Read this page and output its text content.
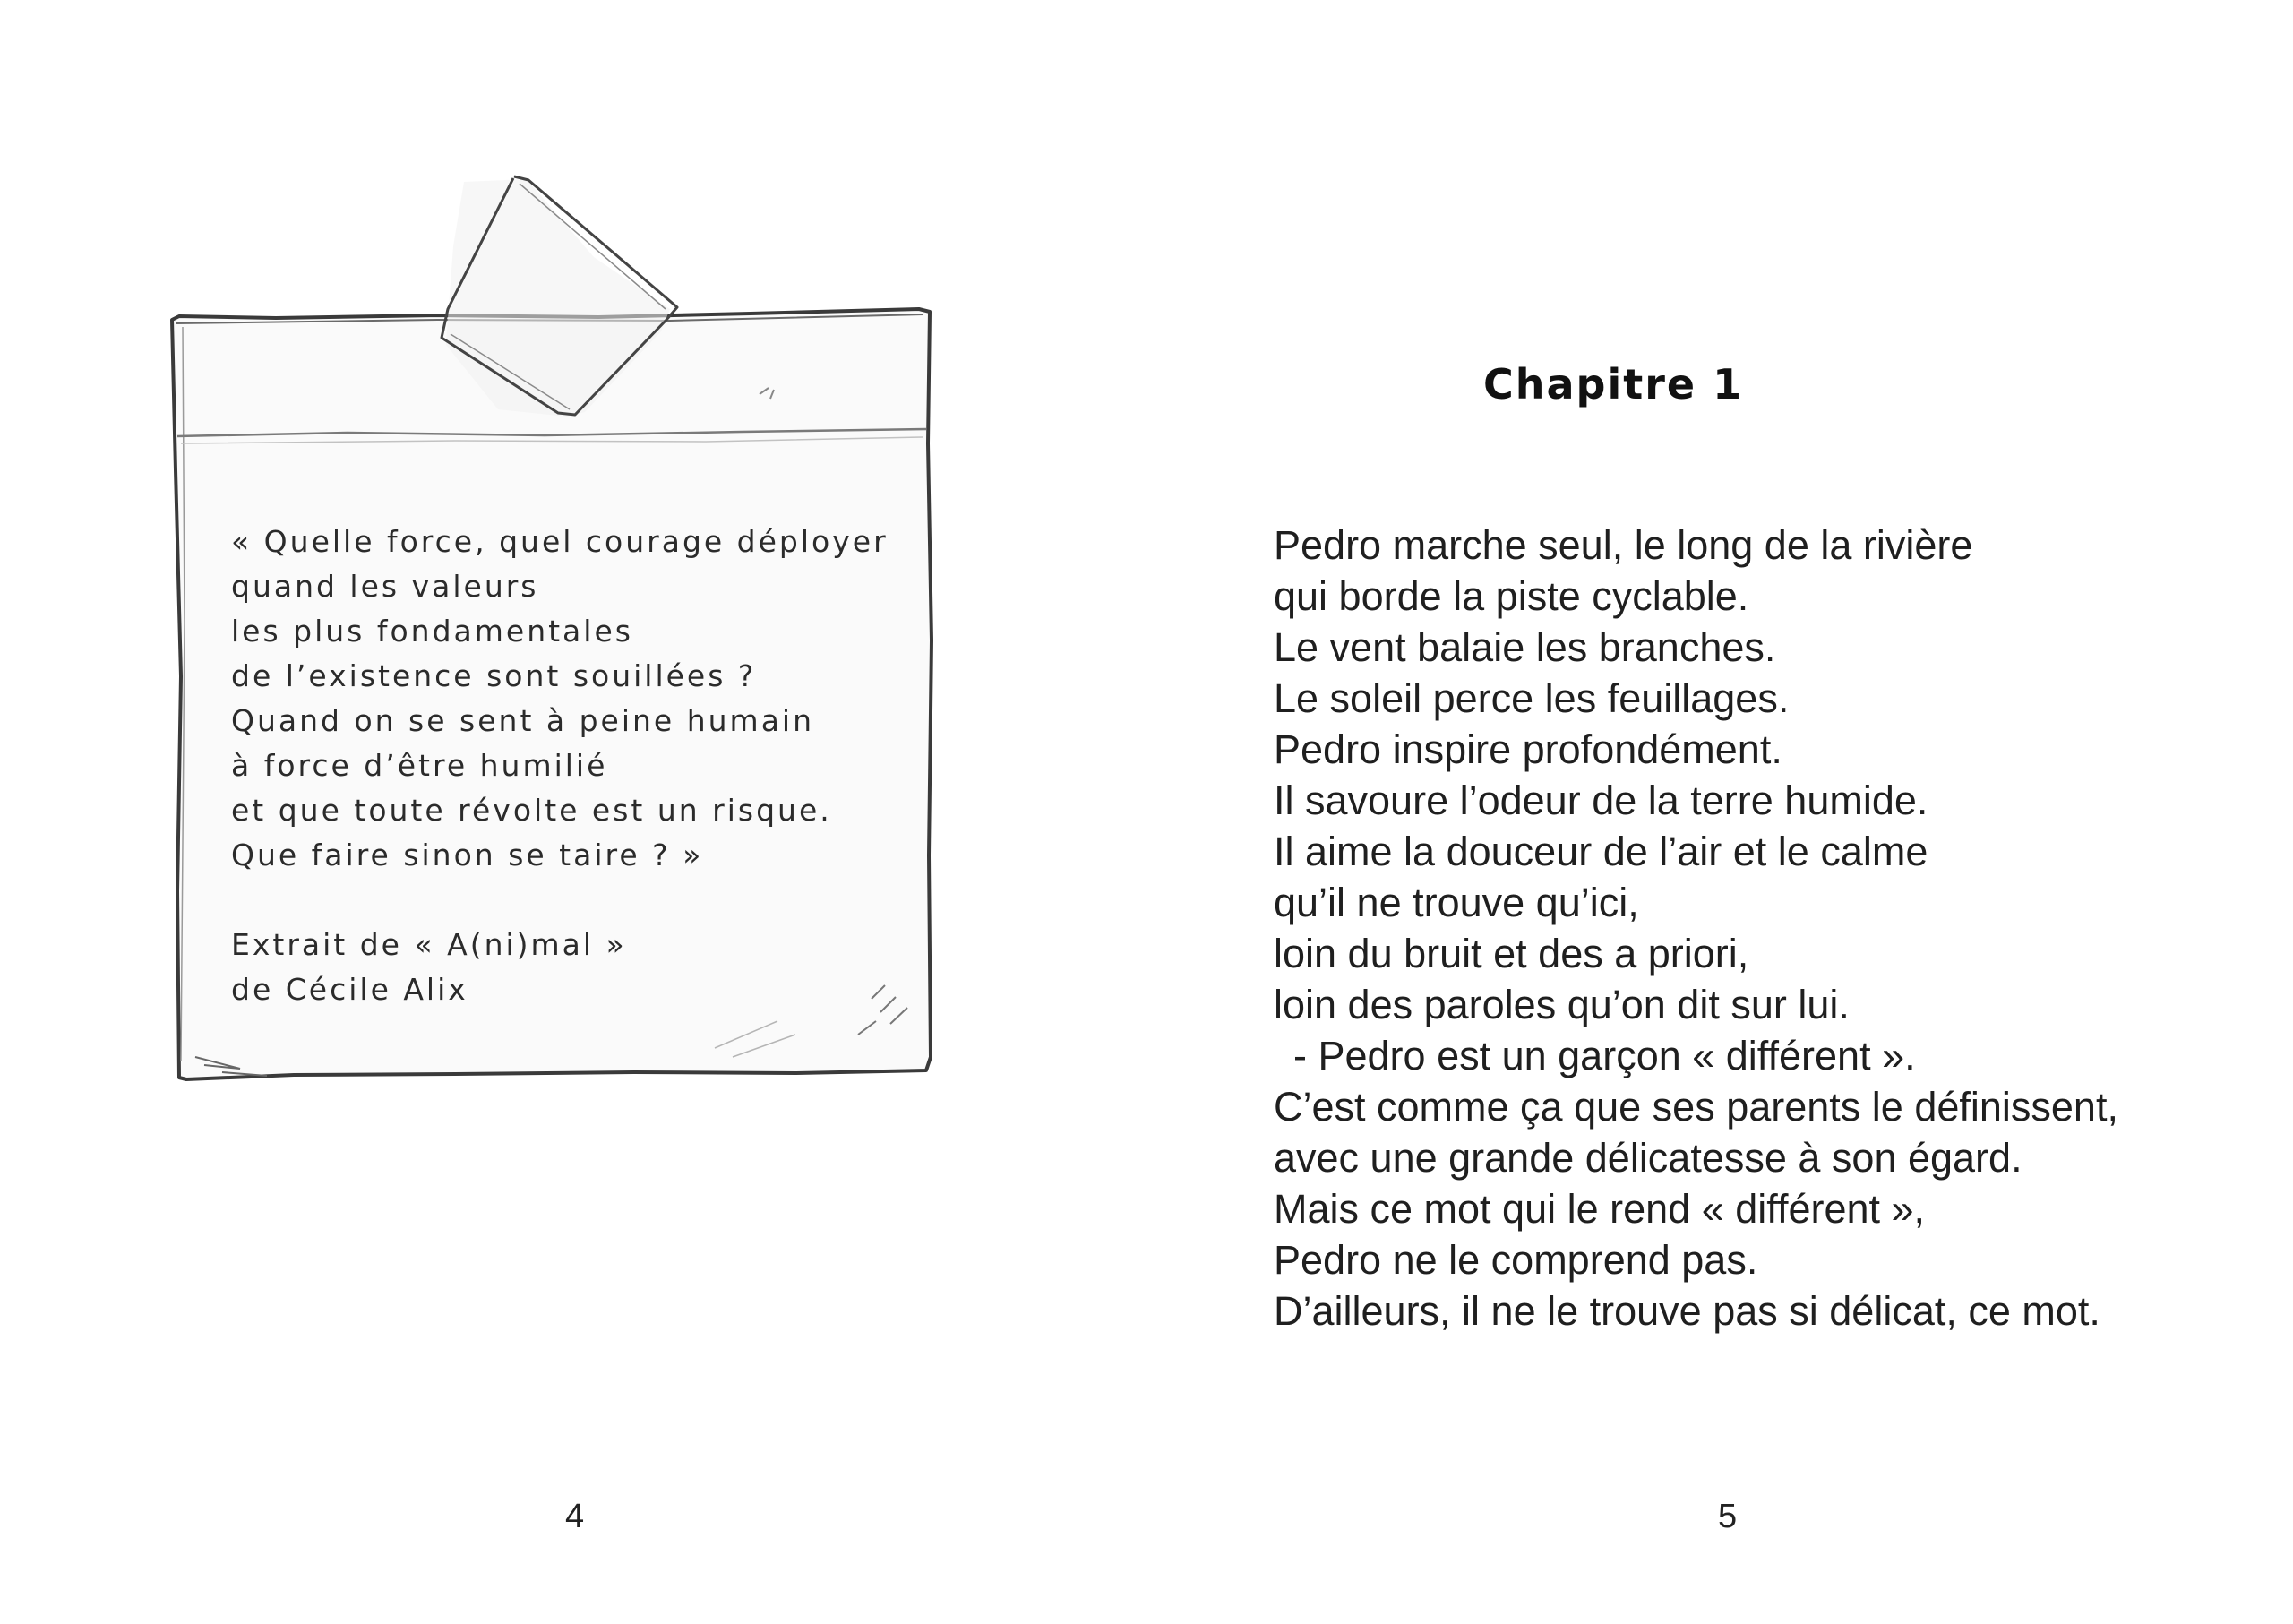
« Quelle force, quel courage déployer
quand les valeurs
les plus fondamentales
de l’existence sont souillées ?
Quand on se sent à peine humain
à force d’être humilié
et que toute révolte est un risque.
Que faire sinon se taire ? »
Extrait de « A(ni)mal »
de Cécile Alix
4
Chapitre 1
Pedro marche seul, le long de la rivière
qui borde la piste cyclable.
Le vent balaie les branches.
Le soleil perce les feuillages.
Pedro inspire profondément.
Il savoure l’odeur de la terre humide.
Il aime la douceur de l’air et le calme
qu’il ne trouve qu’ici,
loin du bruit et des a priori,
loin des paroles qu’on dit sur lui.
- Pedro est un garçon « différent ».
C’est comme ça que ses parents le définissent,
avec une grande délicatesse à son égard.
Mais ce mot qui le rend « différent »,
Pedro ne le comprend pas.
D’ailleurs, il ne le trouve pas si délicat, ce mot.
5
